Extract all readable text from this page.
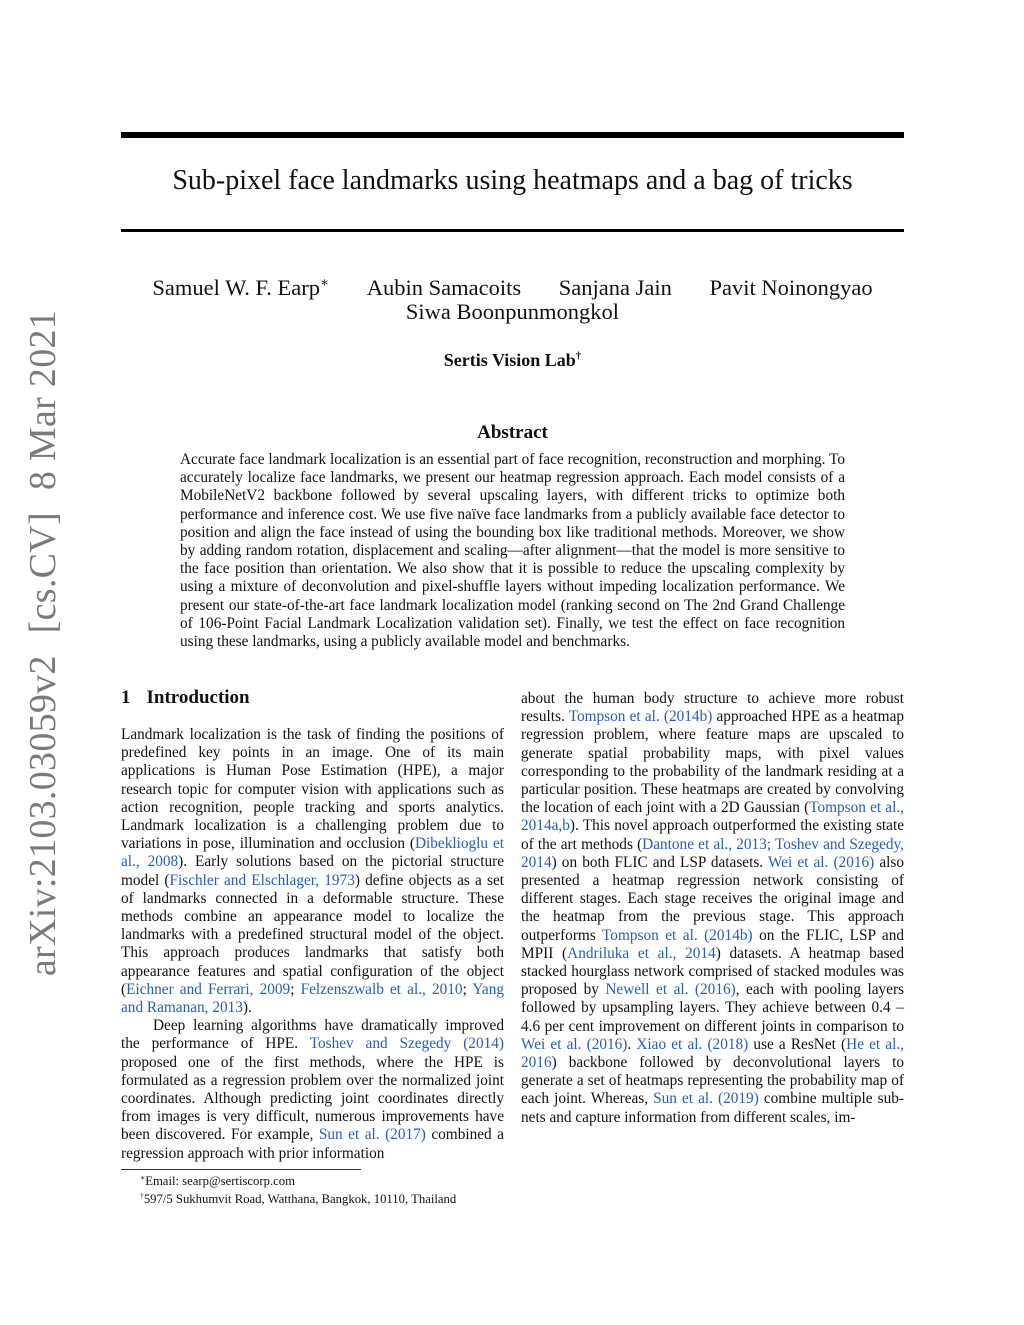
arXiv:2103.03059v2 [cs.CV] 8 Mar 2021
Sub-pixel face landmarks using heatmaps and a bag of tricks
Samuel W. F. Earp∗ Aubin Samacoits Sanjana Jain Pavit Noinongyao
Siwa Boonpunmongkol
Sertis Vision Lab†
Abstract
Accurate face landmark localization is an essential part of face recognition, reconstruction and morphing. To accurately localize face landmarks, we present our heatmap regression approach. Each model consists of a MobileNetV2 backbone followed by several upscaling layers, with different tricks to optimize both performance and inference cost. We use five naïve face landmarks from a publicly available face detector to position and align the face instead of using the bounding box like traditional methods. Moreover, we show by adding random rotation, displacement and scaling—after alignment—that the model is more sensitive to the face position than orientation. We also show that it is possible to reduce the upscaling complexity by using a mixture of deconvolution and pixel-shuffle layers without impeding localization performance. We present our state-of-the-art face landmark localization model (ranking second on The 2nd Grand Challenge of 106-Point Facial Landmark Localization validation set). Finally, we test the effect on face recognition using these landmarks, using a publicly available model and benchmarks.
1 Introduction

Landmark localization is the task of finding the positions of predefined key points in an image. One of its main applications is Human Pose Estimation (HPE), a major research topic for computer vision with applications such as action recognition, people tracking and sports analytics. Landmark localization is a challenging problem due to variations in pose, illumination and occlusion (Dibeklioglu et al., 2008). Early solutions based on the pictorial structure model (Fischler and Elschlager, 1973) define objects as a set of landmarks connected in a deformable structure. These methods combine an appearance model to localize the landmarks with a predefined structural model of the object. This approach produces landmarks that satisfy both appearance features and spatial configuration of the object (Eichner and Ferrari, 2009; Felzenszwalb et al., 2010; Yang and Ramanan, 2013).

Deep learning algorithms have dramatically improved the performance of HPE. Toshev and Szegedy (2014) proposed one of the first methods, where the HPE is formulated as a regression problem over the normalized joint coordinates. Although predicting joint coordinates directly from images is very difficult, numerous improvements have been discovered. For example, Sun et al. (2017) combined a regression approach with prior information

about the human body structure to achieve more robust results. Tompson et al. (2014b) approached HPE as a heatmap regression problem, where feature maps are upscaled to generate spatial probability maps, with pixel values corresponding to the probability of the landmark residing at a particular position. These heatmaps are created by convolving the location of each joint with a 2D Gaussian (Tompson et al., 2014a,b). This novel approach outperformed the existing state of the art methods (Dantone et al., 2013; Toshev and Szegedy, 2014) on both FLIC and LSP datasets. Wei et al. (2016) also presented a heatmap regression network consisting of different stages. Each stage receives the original image and the heatmap from the previous stage. This approach outperforms Tompson et al. (2014b) on the FLIC, LSP and MPII (Andriluka et al., 2014) datasets. A heatmap based stacked hourglass network comprised of stacked modules was proposed by Newell et al. (2016), each with pooling layers followed by upsampling layers. They achieve between 0.4 – 4.6 per cent improvement on different joints in comparison to Wei et al. (2016). Xiao et al. (2018) use a ResNet (He et al., 2016) backbone followed by deconvolutional layers to generate a set of heatmaps representing the probability map of each joint. Whereas, Sun et al. (2019) combine multiple sub-nets and capture information from different scales, im-

∗Email: searp@sertiscorp.com
†597/5 Sukhumvit Road, Watthana, Bangkok, 10110, Thailand
